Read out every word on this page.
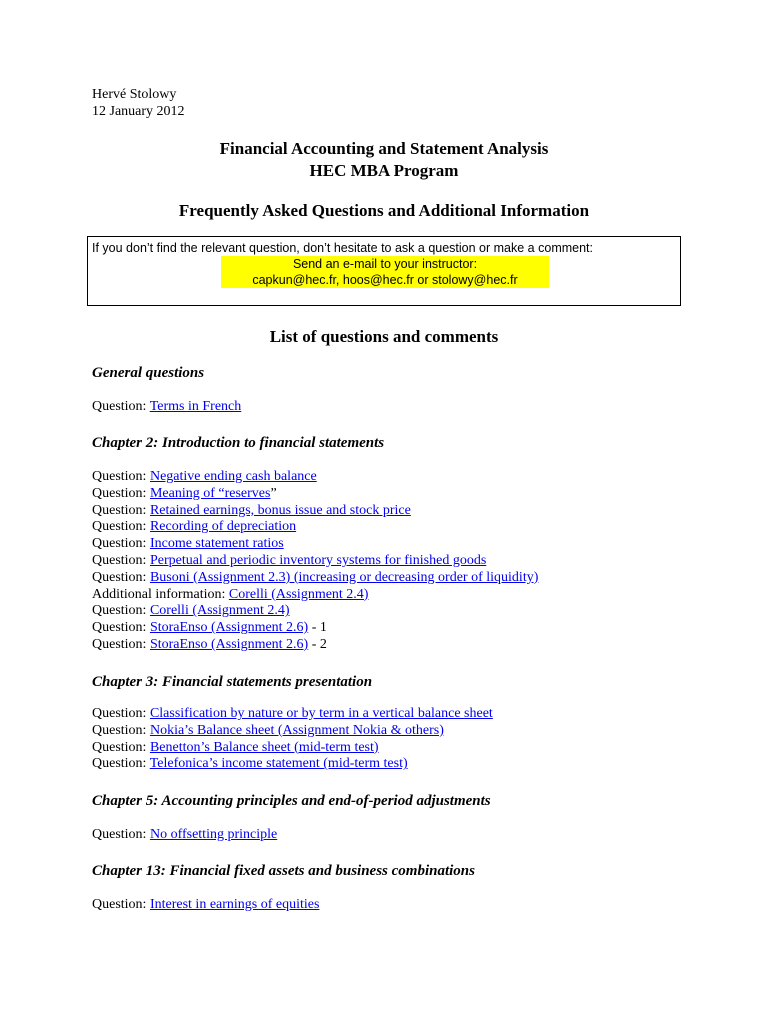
Hervé Stolowy
12 January 2012
Financial Accounting and Statement Analysis
HEC MBA Program
Frequently Asked Questions and Additional Information
If you don’t find the relevant question, don’t hesitate to ask a question or make a comment:
Send an e-mail to your instructor:
capkun@hec.fr, hoos@hec.fr or stolowy@hec.fr
List of questions and comments
General questions
Question: Terms in French
Chapter 2: Introduction to financial statements
Question: Negative ending cash balance
Question: Meaning of “reserves”
Question: Retained earnings, bonus issue and stock price
Question: Recording of depreciation
Question: Income statement ratios
Question: Perpetual and periodic inventory systems for finished goods
Question: Busoni (Assignment 2.3) (increasing or decreasing order of liquidity)
Additional information: Corelli (Assignment 2.4)
Question: Corelli (Assignment 2.4)
Question: StoraEnso (Assignment 2.6) - 1
Question: StoraEnso (Assignment 2.6) - 2
Chapter 3: Financial statements presentation
Question: Classification by nature or by term in a vertical balance sheet
Question: Nokia’s Balance sheet (Assignment Nokia & others)
Question: Benetton’s Balance sheet (mid-term test)
Question: Telefonica’s income statement (mid-term test)
Chapter 5: Accounting principles and end-of-period adjustments
Question: No offsetting principle
Chapter 13: Financial fixed assets and business combinations
Question: Interest in earnings of equities
